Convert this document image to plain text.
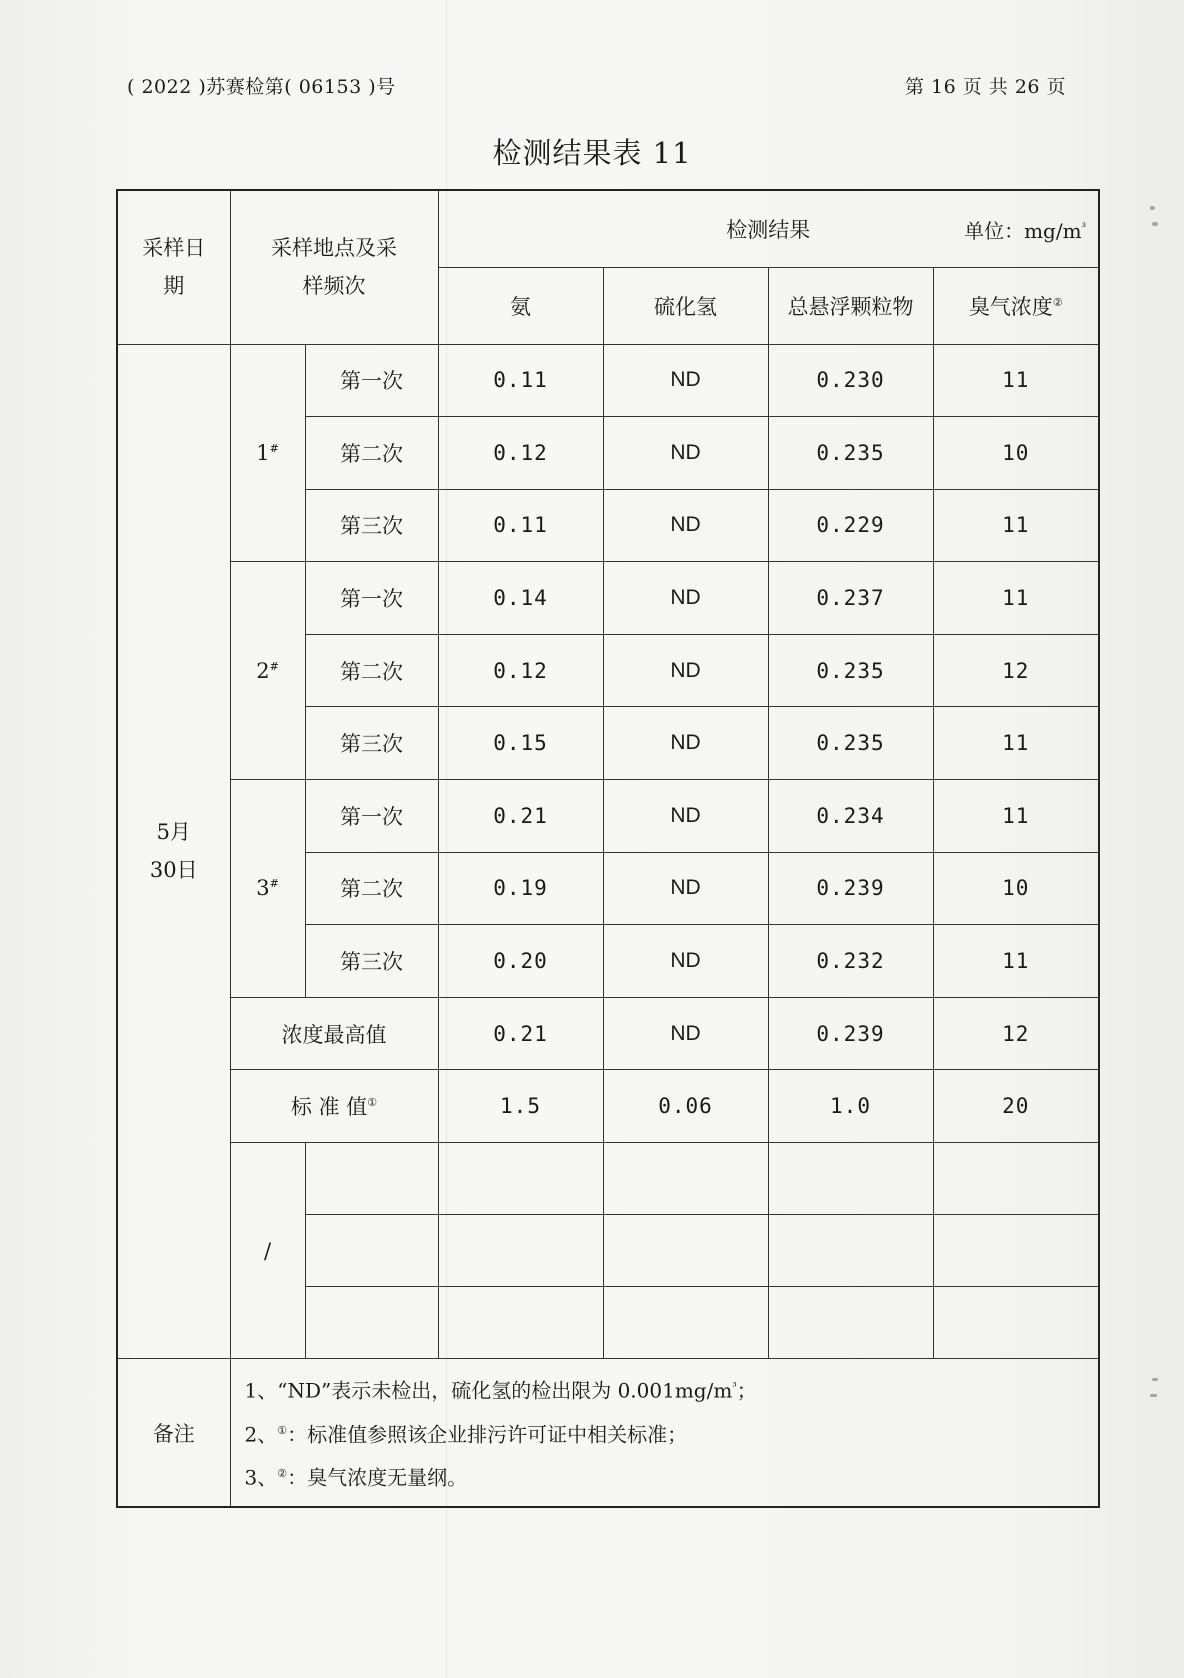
( 2022 )苏赛检第( 06153 )号	第 16 页 共 26 页
检测结果表 11
采样日期	采样地点及采样频次		检测结果 单位：$mg/m^{^3}$

			氨	硫化氢	总悬浮颗粒物	臭气浓度②

5月 30日	1#	第一次	0.11	ND	0.230	11
		第二次	0.12	ND	0.235	10
		第三次	0.11	ND	0.229	11
	2#	第一次	0.14	ND	0.237	11
		第二次	0.12	ND	0.235	12
		第三次	0.15	ND	0.235	11
	3#	第一次	0.21	ND	0.234	11
		第二次	0.19	ND	0.239	10
		第三次	0.20	ND	0.232	11
	浓度最高值		0.21	ND	0.239	12
	标 准 值①		1.5	0.06	1.0	20
	/					

备注	1、“ND”表示未检出，硫化氢的检出限为 $0.001mg/m^{^3}$；
2、①：标准值参照该企业排污许可证中相关标准；
3、②：臭气浓度无量纲。					
